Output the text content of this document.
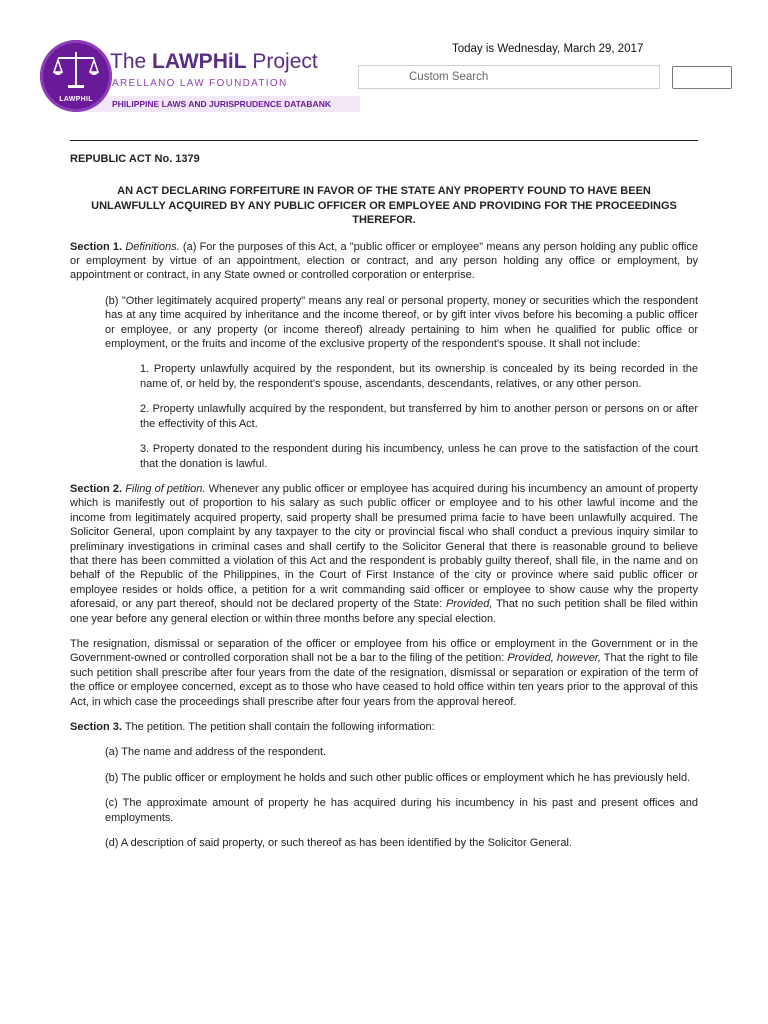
PHILIPPINE LAWS AND JURISPRUDENCE DATABANK
LAWPHIL
The LAWPHiL Project
ARELLANO LAW FOUNDATION
Today is Wednesday, March 29, 2017
Custom Search
REPUBLIC ACT No. 1379
AN ACT DECLARING FORFEITURE IN FAVOR OF THE STATE ANY PROPERTY FOUND TO HAVE BEEN UNLAWFULLY ACQUIRED BY ANY PUBLIC OFFICER OR EMPLOYEE AND PROVIDING FOR THE PROCEEDINGS THEREFOR.

Section 1. Definitions. (a) For the purposes of this Act, a "public officer or employee" means any person holding any public office or employment by virtue of an appointment, election or contract, and any person holding any office or employment, by appointment or contract, in any State owned or controlled corporation or enterprise.

(b) "Other legitimately acquired property" means any real or personal property, money or securities which the respondent has at any time acquired by inheritance and the income thereof, or by gift inter vivos before his becoming a public officer or employee, or any property (or income thereof) already pertaining to him when he qualified for public office or employment, or the fruits and income of the exclusive property of the respondent's spouse. It shall not include:

1. Property unlawfully acquired by the respondent, but its ownership is concealed by its being recorded in the name of, or held by, the respondent's spouse, ascendants, descendants, relatives, or any other person.

2. Property unlawfully acquired by the respondent, but transferred by him to another person or persons on or after the effectivity of this Act.

3. Property donated to the respondent during his incumbency, unless he can prove to the satisfaction of the court that the donation is lawful.

Section 2. Filing of petition. Whenever any public officer or employee has acquired during his incumbency an amount of property which is manifestly out of proportion to his salary as such public officer or employee and to his other lawful income and the income from legitimately acquired property, said property shall be presumed prima facie to have been unlawfully acquired. The Solicitor General, upon complaint by any taxpayer to the city or provincial fiscal who shall conduct a previous inquiry similar to preliminary investigations in criminal cases and shall certify to the Solicitor General that there is reasonable ground to believe that there has been committed a violation of this Act and the respondent is probably guilty thereof, shall file, in the name and on behalf of the Republic of the Philippines, in the Court of First Instance of the city or province where said public officer or employee resides or holds office, a petition for a writ commanding said officer or employee to show cause why the property aforesaid, or any part thereof, should not be declared property of the State: Provided, That no such petition shall be filed within one year before any general election or within three months before any special election.

The resignation, dismissal or separation of the officer or employee from his office or employment in the Government or in the Government-owned or controlled corporation shall not be a bar to the filing of the petition: Provided, however, That the right to file such petition shall prescribe after four years from the date of the resignation, dismissal or separation or expiration of the term of the office or employee concerned, except as to those who have ceased to hold office within ten years prior to the approval of this Act, in which case the proceedings shall prescribe after four years from the approval hereof.

Section 3. The petition. The petition shall contain the following information:

(a) The name and address of the respondent.

(b) The public officer or employment he holds and such other public offices or employment which he has previously held.

(c) The approximate amount of property he has acquired during his incumbency in his past and present offices and employments.

(d) A description of said property, or such thereof as has been identified by the Solicitor General.
